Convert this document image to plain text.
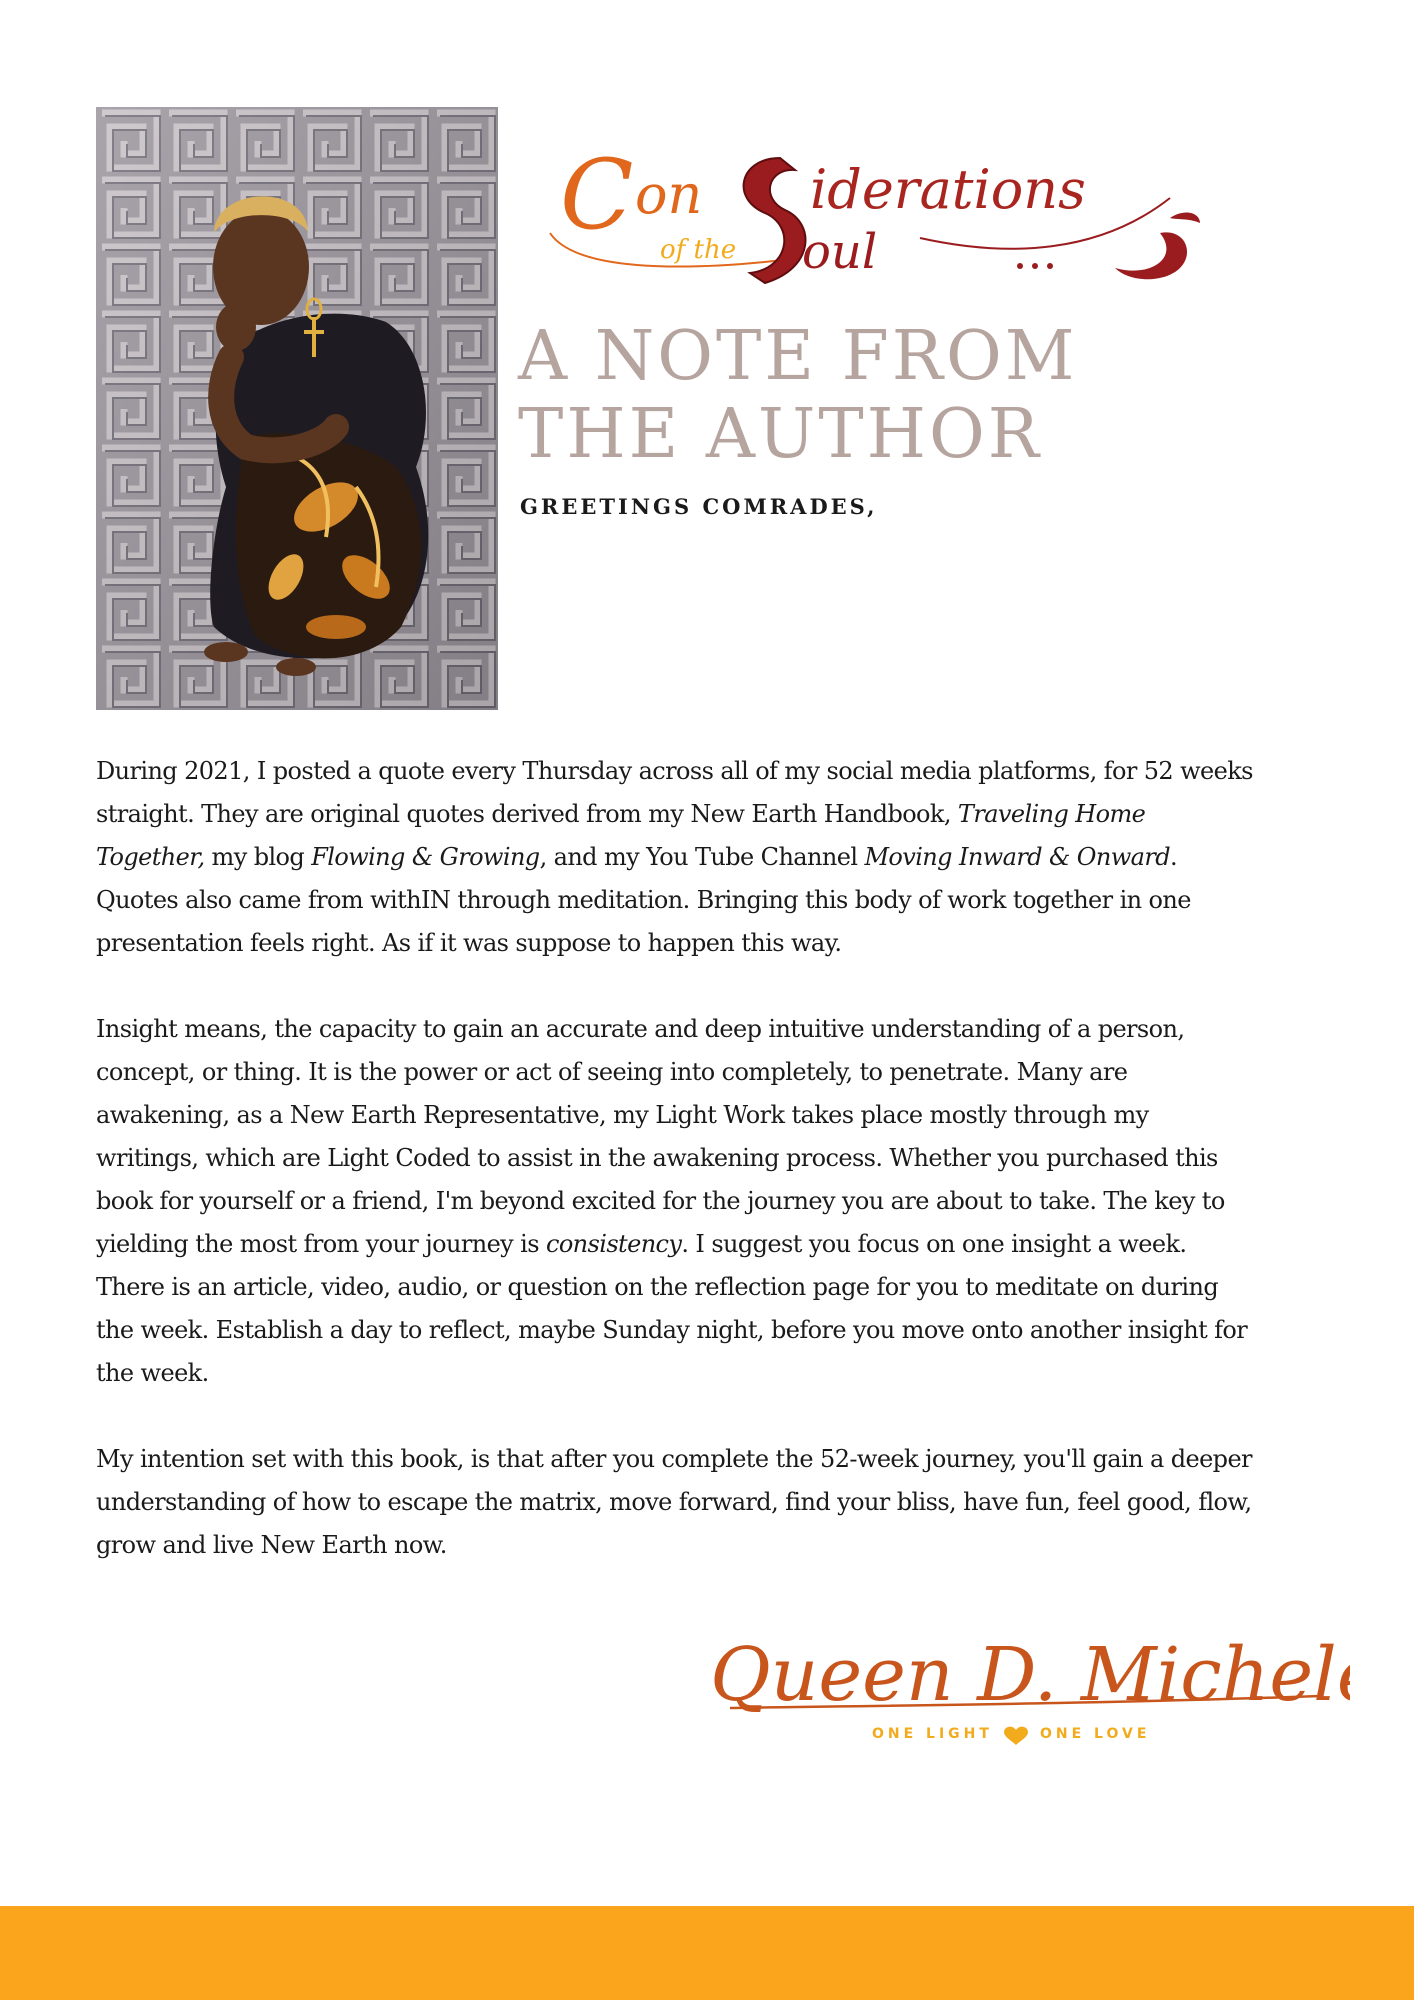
C on iderations
of the oul
A NOTE FROM
THE AUTHOR

GREETINGS COMRADES,

During 2021, I posted a quote every Thursday across all of my social media platforms, for 52 weeks straight. They are original quotes derived from my New Earth Handbook, Traveling Home Together, my blog Flowing & Growing, and my You Tube Channel Moving Inward & Onward. Quotes also came from withIN through meditation. Bringing this body of work together in one presentation feels right. As if it was suppose to happen this way.

Insight means, the capacity to gain an accurate and deep intuitive understanding of a person, concept, or thing. It is the power or act of seeing into completely, to penetrate. Many are awakening, as a New Earth Representative, my Light Work takes place mostly through my writings, which are Light Coded to assist in the awakening process. Whether you purchased this book for yourself or a friend, I'm beyond excited for the journey you are about to take. The key to yielding the most from your journey is consistency. I suggest you focus on one insight a week. There is an article, video, audio, or question on the reflection page for you to meditate on during the week. Establish a day to reflect, maybe Sunday night, before you move onto another insight for the week.

My intention set with this book, is that after you complete the 52-week journey, you'll gain a deeper understanding of how to escape the matrix, move forward, find your bliss, have fun, feel good, flow, grow and live New Earth now.

Queen D. Michele
ONE LIGHT	ONE LOVE
